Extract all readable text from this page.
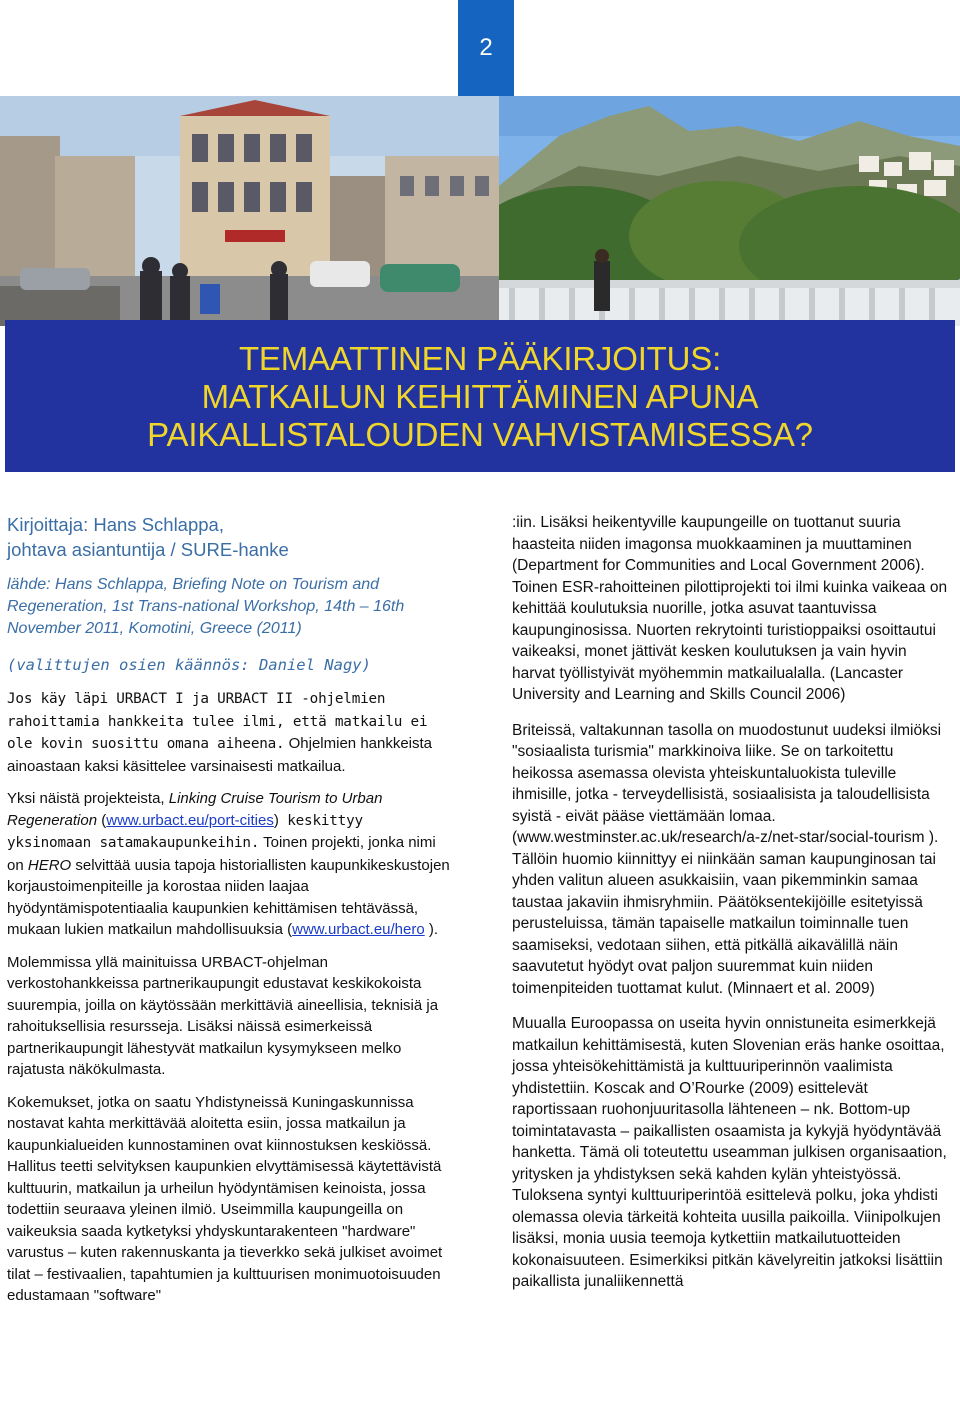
2
TEMAATTINEN PÄÄKIRJOITUS:
MATKAILUN KEHITTÄMINEN APUNA
PAIKALLISTALOUDEN VAHVISTAMISESSA?
Kirjoittaja: Hans Schlappa,
johtava asiantuntija / SURE-hanke
lähde: Hans Schlappa, Briefing Note on Tourism and Regeneration, 1st Trans-national Workshop, 14th – 16th November 2011, Komotini, Greece (2011)
(valittujen osien käännös: Daniel Nagy)

Jos käy läpi URBACT I ja URBACT II -ohjelmien rahoittamia hankkeita tulee ilmi, että matkailu ei ole kovin suosittu omana aiheena. Ohjelmien hankkeista ainoastaan kaksi käsittelee varsinaisesti matkailua.

Yksi näistä projekteista, Linking Cruise Tourism to Urban Regeneration (www.urbact.eu/port-cities) keskittyy yksinomaan satamakaupunkeihin. Toinen projekti, jonka nimi on HERO selvittää uusia tapoja historiallisten kaupunkikeskustojen korjaustoimenpiteille ja korostaa niiden laajaa hyödyntämispotentiaalia kaupunkien kehittämisen tehtävässä, mukaan lukien matkailun mahdollisuuksia (www.urbact.eu/hero ).

Molemmissa yllä mainituissa URBACT-ohjelman verkostohankkeissa partnerikaupungit edustavat keskikokoista suurempia, joilla on käytössään merkittäviä aineellisia, teknisiä ja rahoituksellisia resursseja. Lisäksi näissä esimerkeissä partnerikaupungit lähestyvät matkailun kysymykseen melko rajatusta näkökulmasta.

Kokemukset, jotka on saatu Yhdistyneissä Kuningaskunnissa nostavat kahta merkittävää aloitetta esiin, jossa matkailun ja kaupunkialueiden kunnostaminen ovat kiinnostuksen keskiössä. Hallitus teetti selvityksen kaupunkien elvyttämisessä käytettävistä kulttuurin, matkailun ja urheilun hyödyntämisen keinoista, jossa todettiin seuraava yleinen ilmiö. Useimmilla kaupungeilla on vaikeuksia saada kytketyksi yhdyskuntarakenteen "hardware" varustus – kuten rakennuskanta ja tieverkko sekä julkiset avoimet tilat – festivaalien, tapahtumien ja kulttuurisen monimuotoisuuden edustamaan "software"

:iin. Lisäksi heikentyville kaupungeille on tuottanut suuria haasteita niiden imagonsa muokkaaminen ja muuttaminen (Department for Communities and Local Government 2006). Toinen ESR-rahoitteinen pilottiprojekti toi ilmi kuinka vaikeaa on kehittää koulutuksia nuorille, jotka asuvat taantuvissa kaupunginosissa. Nuorten rekrytointi turistioppaiksi osoittautui vaikeaksi, monet jättivät kesken koulutuksen ja vain hyvin harvat työllistyivät myöhemmin matkailualalla. (Lancaster University and Learning and Skills Council 2006)

Briteissä, valtakunnan tasolla on muodostunut uudeksi ilmiöksi "sosiaalista turismia" markkinoiva liike. Se on tarkoitettu heikossa asemassa olevista yhteiskuntaluokista tuleville ihmisille, jotka - terveydellisistä, sosiaalisista ja taloudellisista syistä - eivät pääse viettämään lomaa. (www.westminster.ac.uk/research/a-z/net-star/social-tourism ). Tällöin huomio kiinnittyy ei niinkään saman kaupunginosan tai yhden valitun alueen asukkaisiin, vaan pikemminkin samaa taustaa jakaviin ihmisryhmiin. Päätöksentekijöille esitetyissä perusteluissa, tämän tapaiselle matkailun toiminnalle tuen saamiseksi, vedotaan siihen, että pitkällä aikavälillä näin saavutetut hyödyt ovat paljon suuremmat kuin niiden toimenpiteiden tuottamat kulut. (Minnaert et al. 2009)

Muualla Euroopassa on useita hyvin onnistuneita esimerkkejä matkailun kehittämisestä, kuten Slovenian eräs hanke osoittaa, jossa yhteisökehittämistä ja kulttuuriperinnön vaalimista yhdistettiin. Koscak and O’Rourke (2009) esittelevät raportissaan ruohonjuuritasolla lähteneen – nk. Bottom-up toimintatavasta – paikallisten osaamista ja kykyjä hyödyntävää hanketta. Tämä oli toteutettu useamman julkisen organisaation, yritysken ja yhdistyksen sekä kahden kylän yhteistyössä. Tuloksena syntyi kulttuuriperintöä esittelevä polku, joka yhdisti olemassa olevia tärkeitä kohteita uusilla paikoilla. Viinipolkujen lisäksi, monia uusia teemoja kytkettiin matkailutuotteiden kokonaisuuteen. Esimerkiksi pitkän kävelyreitin jatkoksi lisättiin paikallista junaliikennettä
